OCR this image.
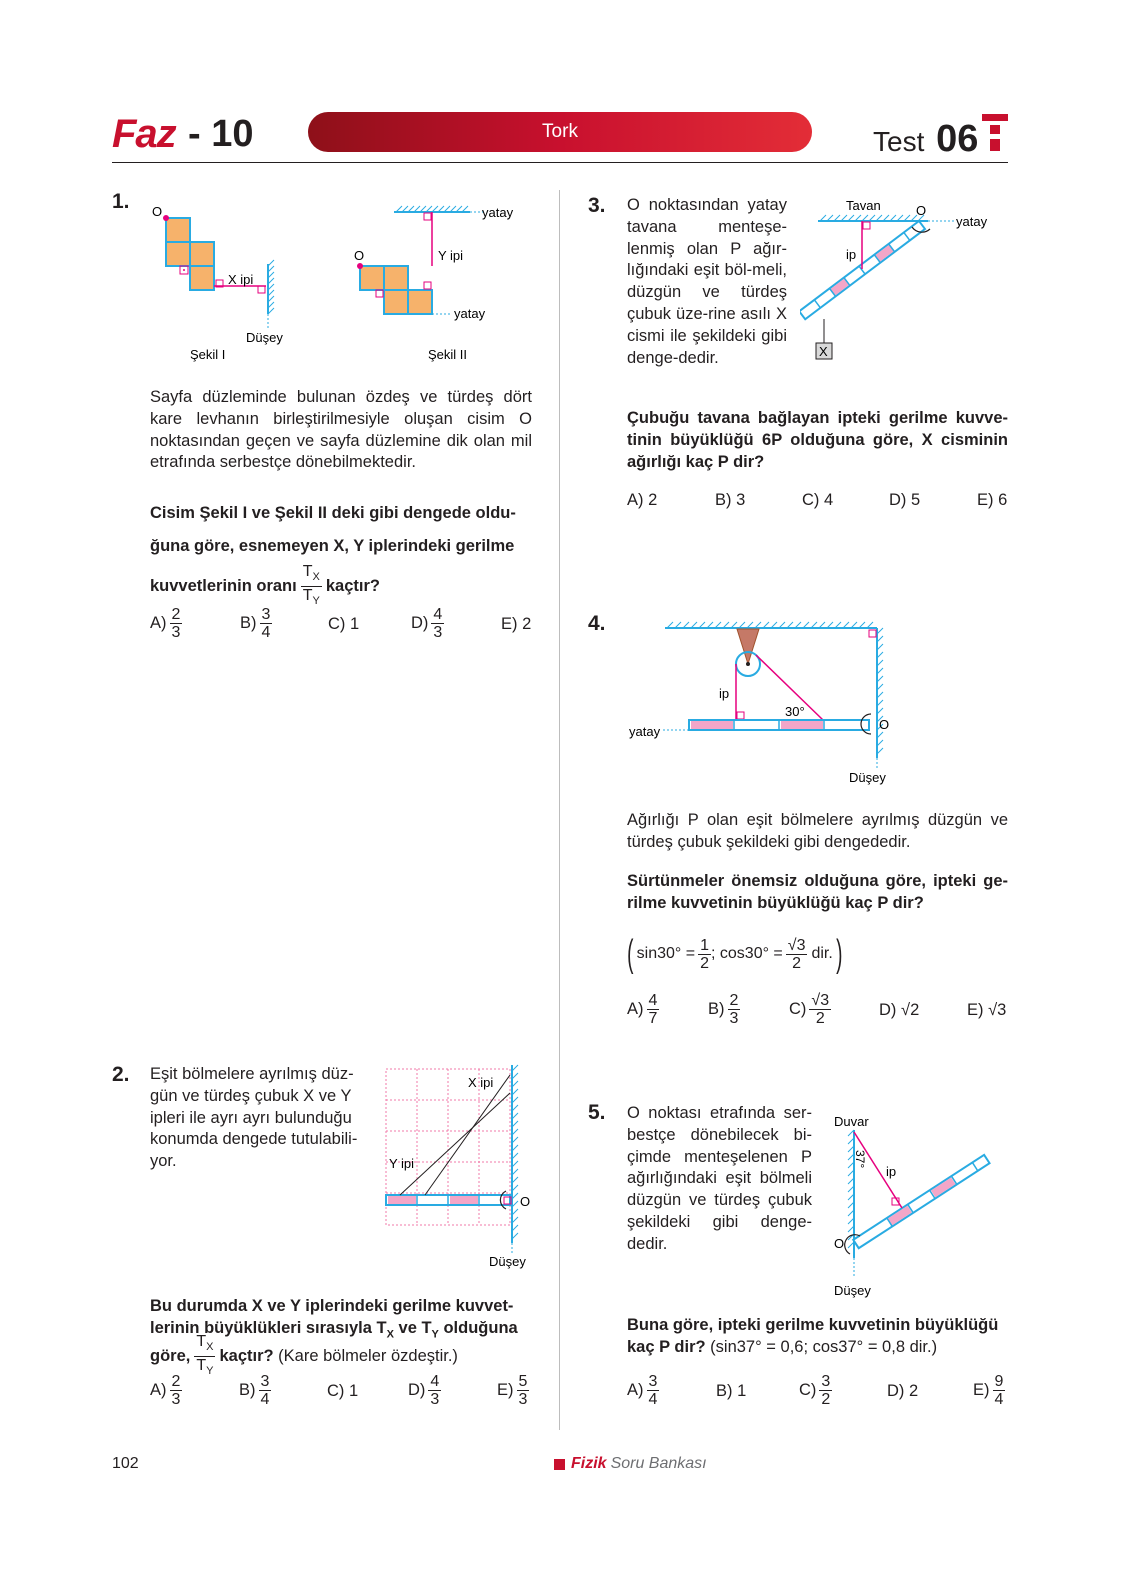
Faz - 10	Tork	Test 06
1. O
X ipi
Düşey
Şekil I
yatay
Y ipi
O
yatay
Şekil II
Sayfa düzleminde bulunan özdeş ve türdeş dört kare levhanın birleştirilmesiyle oluşan cisim O noktasından geçen ve sayfa düzlemine dik olan mil etrafında serbestçe dönebilmektedir.
Cisim Şekil I ve Şekil II deki gibi dengede oldu-
ğuna göre, esnemeyen X, Y iplerindeki gerilme
kuvvetlerinin oranı $\frac{T_X}{T_Y}$ kaçtır?
$A) \frac{2}{3}$	$B) \frac{3}{4}$	C)
1	$D) \frac{4}{3}$	E)
2
2. Eşit bölmelere ayrılmış düz-gün ve türdeş çubuk X ve Y ipleri ile ayrı ayrı bulunduğu konumda dengede tutulabili-yor.
X ipi
Y ipi
O
Düşey
Bu durumda X ve Y iplerindeki gerilme kuvvet-
lerinin büyüklükleri sırasıyla $T_X$ ve $T_Y$ olduğuna
göre, $\frac{T_X}{T_Y}$ kaçtır?
(Kare bölmeler özdeştir.)
$A) \frac{2}{3}$	$B) \frac{3}{4}$	C)
1	$D) \frac{4}{3}$	$E) \frac{5}{3}$
3. O noktasından yatay tavana menteşe-lenmiş olan P ağır-lığındaki eşit böl-meli, düzgün ve türdeş çubuk üze-rine asılı X cismi ile şekildeki gibi denge-dedir.
Tavan	O
yatay
ip
X
Çubuğu tavana bağlayan ipteki gerilme kuvve-tinin büyüklüğü 6P olduğuna göre, X cisminin ağırlığı kaç P dir?
A)
2	B)
3	C)
4	D)
5	E)
6
4.
ip
30°
yatay	O
Düşey
Ağırlığı P olan eşit bölmelere ayrılmış düzgün ve türdeş çubuk şekildeki gibi dengededir.
Sürtünmeler önemsiz olduğuna göre, ipteki ge-rilme kuvvetinin büyüklüğü kaç P dir?
( $\sin 30^\circ = \frac{1}{2}$ ; $\cos 30^\circ = \frac{√3}{2}$ dir. )
$A) \frac{4}{7}$	$B) \frac{2}{3}$	$C) \frac{√3}{2}$	D)
√2	E)
√3
5. O noktası etrafında ser-bestçe dönebilecek bi-çimde menteşelenen P ağırlığındaki eşit bölmeli düzgün ve türdeş çubuk şekildeki gibi denge-dedir.
Duvar
37°
ip
O
Düşey
Buna göre, ipteki gerilme kuvvetinin büyüklüğü kaç P dir? (sin37° = 0,6; cos37° = 0,8 dir.)
$A) \frac{3}{4}$	B)
1	$C) \frac{3}{2}$	D)
2	$E) \frac{9}{4}$
102	Fizik Soru Bankası
